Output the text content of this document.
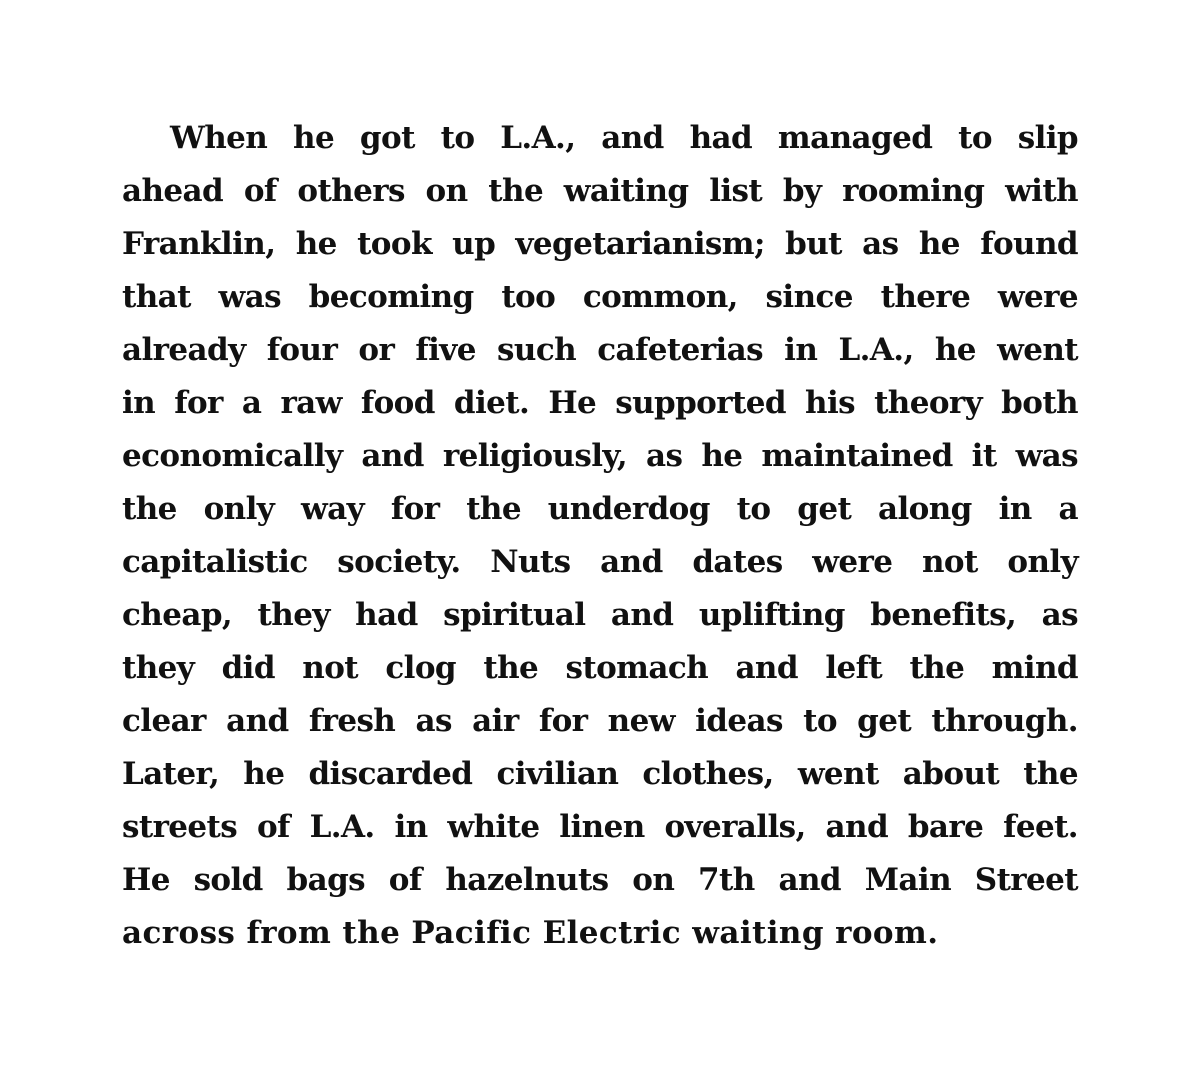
When he got to L.A., and had managed to slip
ahead of others on the waiting list by rooming with
Franklin, he took up vegetarianism; but as he found
that was becoming too common, since there were
already four or five such cafeterias in L.A., he went
in for a raw food diet. He supported his theory both
economically and religiously, as he maintained it was
the only way for the underdog to get along in a
capitalistic society. Nuts and dates were not only
cheap, they had spiritual and uplifting benefits, as
they did not clog the stomach and left the mind
clear and fresh as air for new ideas to get through.
Later, he discarded civilian clothes, went about the
streets of L.A. in white linen overalls, and bare feet.
He sold bags of hazelnuts on 7th and Main Street
across from the Pacific Electric waiting room.
